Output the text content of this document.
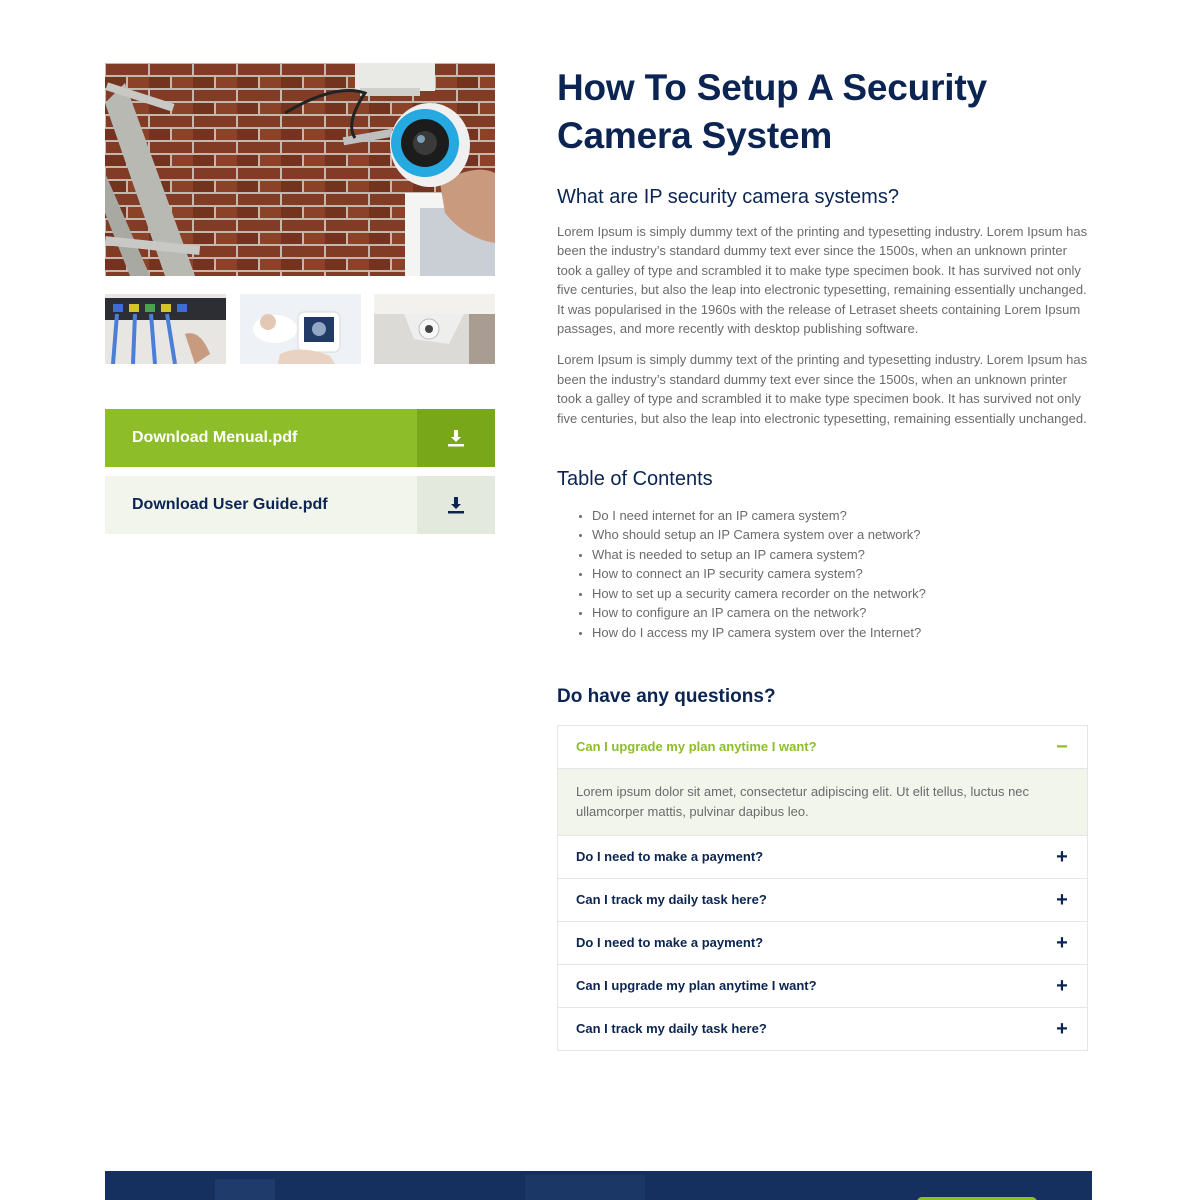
Download Menual.pdf
Download User Guide.pdf
How To Setup A Security Camera System
What are IP security camera systems?

Lorem Ipsum is simply dummy text of the printing and typesetting industry. Lorem Ipsum has been the industry’s standard dummy text ever since the 1500s, when an unknown printer took a galley of type and scrambled it to make type specimen book. It has survived not only five centuries, but also the leap into electronic typesetting, remaining essentially unchanged. It was popularised in the 1960s with the release of Letraset sheets containing Lorem Ipsum passages, and more recently with desktop publishing software.

Lorem Ipsum is simply dummy text of the printing and typesetting industry. Lorem Ipsum has been the industry’s standard dummy text ever since the 1500s, when an unknown printer took a galley of type and scrambled it to make type specimen book. It has survived not only five centuries, but also the leap into electronic typesetting, remaining essentially unchanged.

Table of Contents
• Do I need internet for an IP camera system?
• Who should setup an IP Camera system over a network?
• What is needed to setup an IP camera system?
• How to connect an IP security camera system?
• How to set up a security camera recorder on the network?
• How to configure an IP camera on the network?
• How do I access my IP camera system over the Internet?
Do have any questions?
Can I upgrade my plan anytime I want?	−
Lorem ipsum dolor sit amet, consectetur adipiscing elit. Ut elit tellus, luctus nec ullamcorper mattis, pulvinar dapibus leo.
Do I need to make a payment?	+
Can I track my daily task here?	+
Do I need to make a payment?	+
Can I upgrade my plan anytime I want?	+
Can I track my daily task here?	+
